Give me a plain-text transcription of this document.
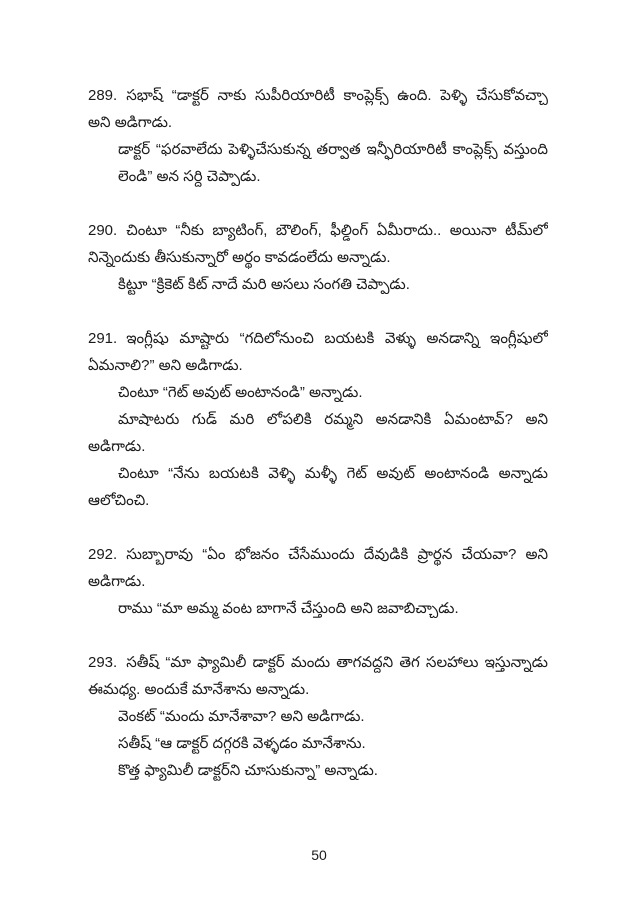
289. సభాష్ “డాక్టర్ నాకు సుపీరియారిటీ కాంప్లెక్స్ ఉంది. పెళ్ళి చేసుకోవచ్చా
అని అడిగాడు.
డాక్టర్ “ఫరవాలేదు పెళ్ళిచేసుకున్న తర్వాత ఇన్ఫీరియారిటీ కాంప్లెక్స్ వస్తుంది
లెండి” అన సర్ది చెప్పాడు.
290. చింటూ “నీకు బ్యాటింగ్, బౌలింగ్, ఫీల్డింగ్ ఏమీరాదు.. అయినా టీమ్‌లో
నిన్నెందుకు తీసుకున్నారో అర్థం కావడంలేదు అన్నాడు.
కిట్టూ “క్రికెట్ కిట్ నాదే మరి అసలు సంగతి చెప్పాడు.
291. ఇంగ్లీషు మాష్టారు “గదిలోనుంచి బయటకి వెళ్ళు అనడాన్ని ఇంగ్లీషులో
ఏమనాలి?” అని అడిగాడు.
చింటూ “గెట్ అవుట్ అంటానండి” అన్నాడు.
మాషాటరు గుడ్ మరి లోపలికి రమ్మని అనడానికి ఏమంటావ్? అని
అడిగాడు.
చింటూ “నేను బయటకి వెళ్ళి మళ్ళీ గెట్ అవుట్ అంటానండి అన్నాడు
ఆలోచించి.
292. సుబ్బారావు “ఏం భోజనం చేసేముందు దేవుడికి ప్రార్థన చేయవా? అని
అడిగాడు.
రాము “మా అమ్మ వంట బాగానే చేస్తుంది అని జవాబిచ్చాడు.
293. సతీష్ “మా ఫ్యామిలీ డాక్టర్ మందు తాగవద్దని తెగ సలహాలు ఇస్తున్నాడు
ఈమధ్య. అందుకే మానేశాను అన్నాడు.
వెంకట్ “మందు మానేశావా? అని అడిగాడు.
సతీష్ “ఆ డాక్టర్ దగ్గరకి వెళ్ళడం మానేశాను.
కొత్త ఫ్యామిలీ డాక్టర్‌ని చూసుకున్నా” అన్నాడు.
50
